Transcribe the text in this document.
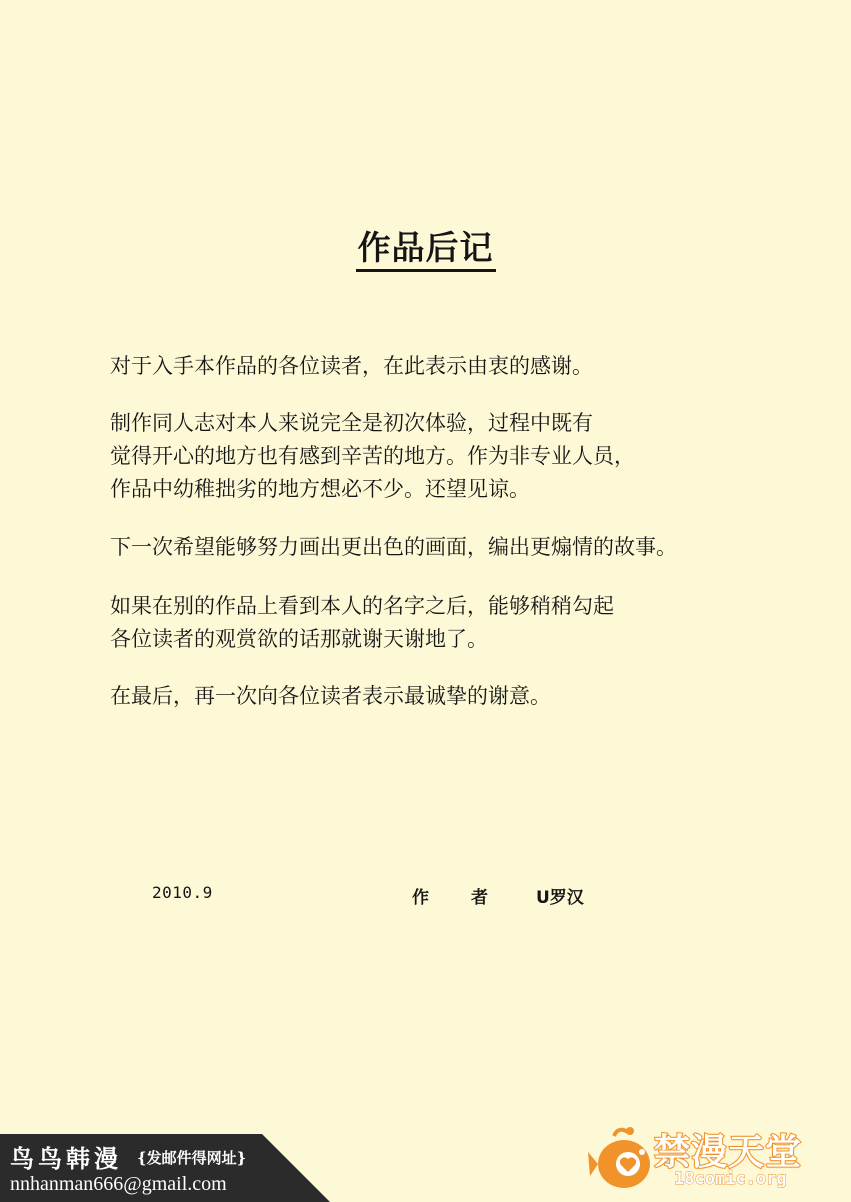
作品后记
对于入手本作品的各位读者，在此表示由衷的感谢。
制作同人志对本人来说完全是初次体验，过程中既有
觉得开心的地方也有感到辛苦的地方。作为非专业人员，
作品中幼稚拙劣的地方想必不少。还望见谅。
下一次希望能够努力画出更出色的画面，编出更煽情的故事。
如果在别的作品上看到本人的名字之后，能够稍稍勾起
各位读者的观赏欲的话那就谢天谢地了。
在最后，再一次向各位读者表示最诚挚的谢意。
2010.9	作 者	U罗汉
鸟鸟韩漫 {发邮件得网址}
nnhanman666@gmail.com
禁漫天堂
18comic.org
